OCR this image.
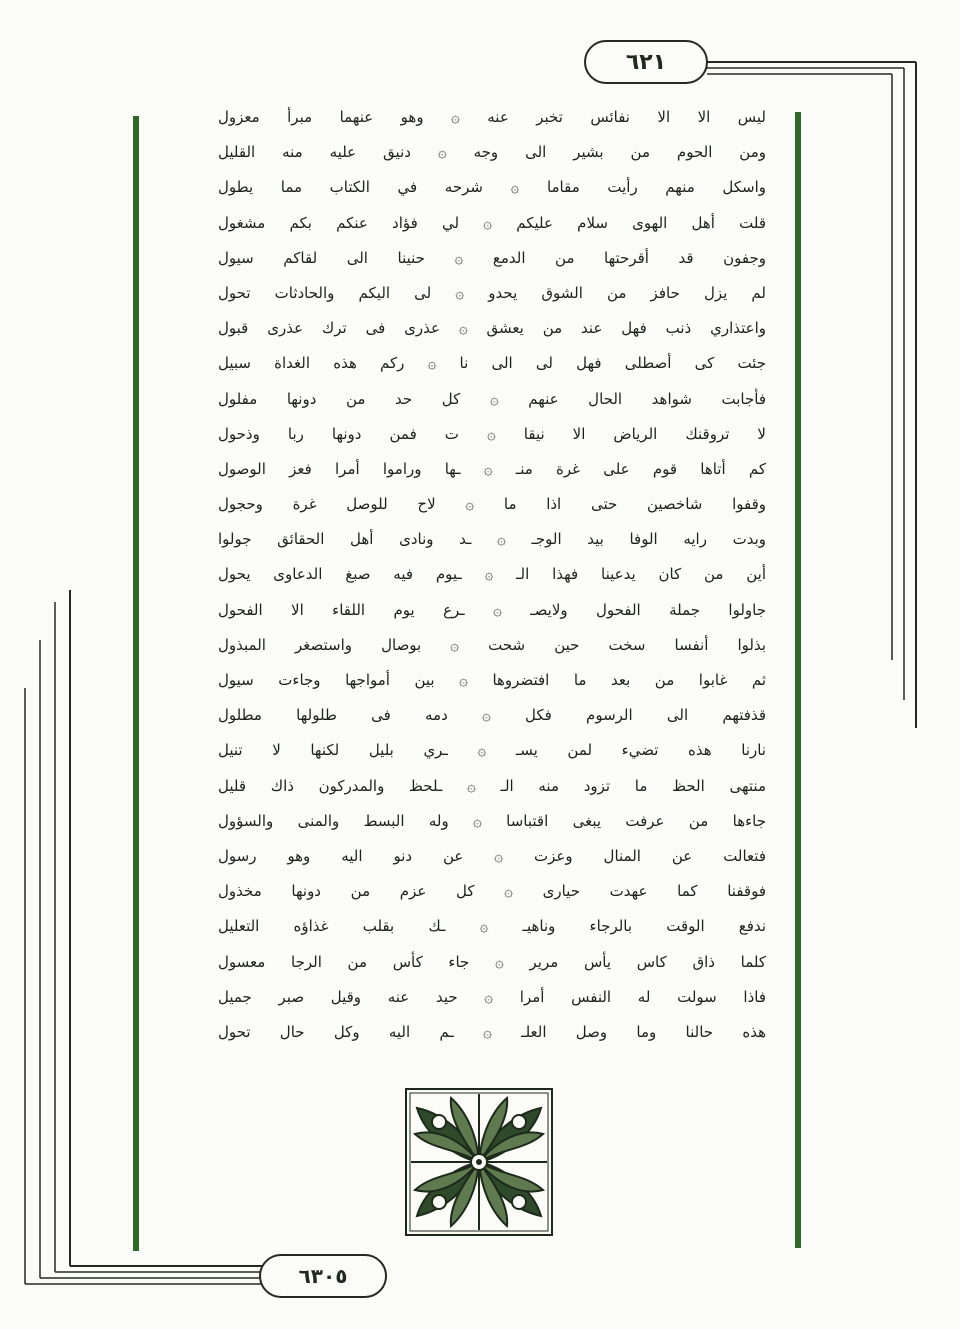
٦٢١
ليس الا الا نفائس تخبر عنه ۞ وهو عنهما مبرأ معزول
ومن الحوم من بشير الى وجه ۞ دنيق عليه منه القليل
واسكل منهم رأيت مقاما ۞ شرحه في الكتاب مما يطول
قلت أهل الهوى سلام عليكم ۞ لي فؤاد عنكم بكم مشغول
وجفون قد أقرحتها من الدمع ۞ حنينا الى لقاكم سيول
لم يزل حافز من الشوق يحدو ۞ لى اليكم والحادثات تحول
واعتذاري ذنب فهل عند من يعشق ۞ عذرى فى ترك عذرى قبول
جئت كى أصطلى فهل لى الى نا ۞ ركم هذه الغداة سبيل
فأجابت شواهد الحال عنهم ۞ كل حد من دونها مفلول
لا تروقنك الرياض الا نيقا ۞ ت فمن دونها ربا وذحول
كم أتاها قوم على غرة منـ ۞ ـها وراموا أمرا فعز الوصول
وقفوا شاخصين حتى اذا ما ۞ لاح للوصل غرة وحجول
وبدت رايه الوفا بيد الوجـ ۞ ـد ونادى أهل الحقائق جولوا
أين من كان يدعينا فهذا الـ ۞ ـيوم فيه صبغ الدعاوى يحول
جاولوا جملة الفحول ولايصـ ۞ ـرع يوم اللقاء الا الفحول
بذلوا أنفسا سخت حين شحت ۞ بوصال واستصغر المبذول
ثم غابوا من بعد ما افتضروها ۞ بين أمواجها وجاءت سيول
قذفتهم الى الرسوم فكل ۞ دمه فى طلولها مطلول
نارنا هذه تضيء لمن يسـ ۞ ـري بليل لكنها لا تنيل
منتهى الحظ ما تزود منه الـ ۞ ـلحظ والمدركون ذاك قليل
جاءها من عرفت يبغى اقتباسا ۞ وله البسط والمنى والسؤول
فتعالت عن المنال وعزت ۞ عن دنو اليه وهو رسول
فوقفنا كما عهدت حيارى ۞ كل عزم من دونها مخذول
ندفع الوقت بالرجاء وناهيـ ۞ ـك بقلب غذاؤه التعليل
كلما ذاق كاس يأس مرير ۞ جاء كأس من الرجا معسول
فاذا سولت له النفس أمرا ۞ حيد عنه وقيل صبر جميل
هذه حالنا وما وصل العلـ ۞ ـم اليه وكل حال تحول
٦٣٠٥
